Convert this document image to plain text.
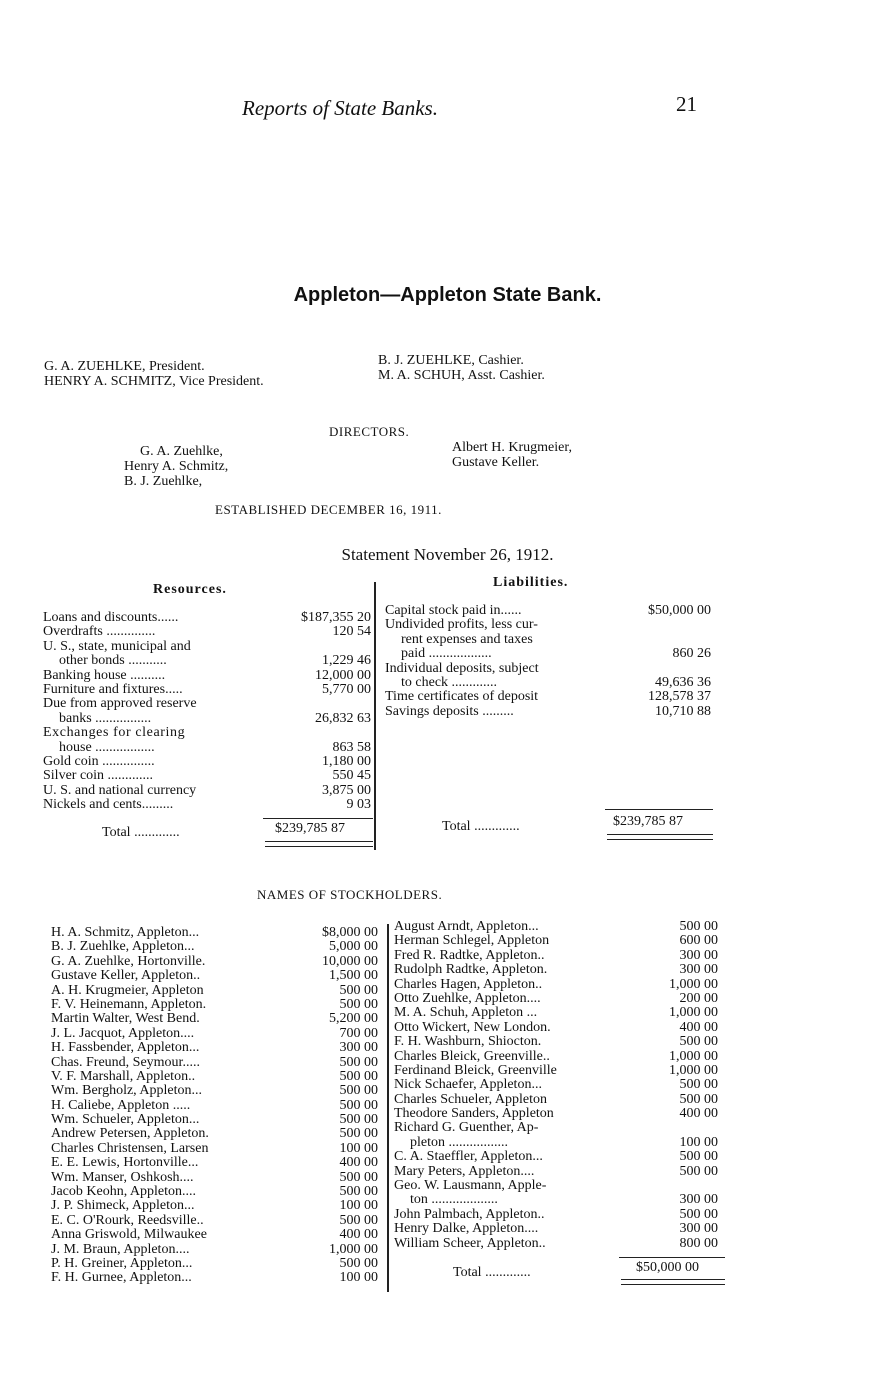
Reports of State Banks.	21
Appleton—Appleton State Bank.
G. A. ZUEHLKE, President.
HENRY A. SCHMITZ, Vice President.
B. J. ZUEHLKE, Cashier.
M. A. SCHUH, Asst. Cashier.
DIRECTORS.
G. A. Zuehlke,
Henry A. Schmitz,
B. J. Zuehlke,
Albert H. Krugmeier,
Gustave Keller.
ESTABLISHED DECEMBER 16, 1911.
Statement November 26, 1912.
Resources.	Liabilities.
Loans and discounts......	$187,355 20
Overdrafts ..............	120 54
U. S., state, municipal and
other bonds ...........	1,229 46
Banking house ..........	12,000 00
Furniture and fixtures.....	5,770 00
Due from approved reserve
banks ................	26,832 63
Exchanges for clearing
house .................	863 58
Gold coin ...............	1,180 00
Silver coin .............	550 45
U. S. and national currency	3,875 00
Nickels and cents.........	9 03
Total .............	$239,785 87
Capital stock paid in......	$50,000 00
Undivided profits, less cur-
rent expenses and taxes
paid ..................	860 26
Individual deposits, subject
to check .............	49,636 36
Time certificates of deposit	128,578 37
Savings deposits .........	10,710 88
Total .............	$239,785 87
NAMES OF STOCKHOLDERS.
H. A. Schmitz, Appleton...	$8,000 00
B. J. Zuehlke, Appleton...	5,000 00
G. A. Zuehlke, Hortonville.	10,000 00
Gustave Keller, Appleton..	1,500 00
A. H. Krugmeier, Appleton	500 00
F. V. Heinemann, Appleton.	500 00
Martin Walter, West Bend.	5,200 00
J. L. Jacquot, Appleton....	700 00
H. Fassbender, Appleton...	300 00
Chas. Freund, Seymour.....	500 00
V. F. Marshall, Appleton..	500 00
Wm. Bergholz, Appleton...	500 00
H. Caliebe, Appleton .....	500 00
Wm. Schueler, Appleton...	500 00
Andrew Petersen, Appleton.	500 00
Charles Christensen, Larsen	100 00
E. E. Lewis, Hortonville...	400 00
Wm. Manser, Oshkosh....	500 00
Jacob Keohn, Appleton....	500 00
J. P. Shimeck, Appleton...	100 00
E. C. O'Rourk, Reedsville..	500 00
Anna Griswold, Milwaukee	400 00
J. M. Braun, Appleton....	1,000 00
P. H. Greiner, Appleton...	500 00
F. H. Gurnee, Appleton...	100 00
August Arndt, Appleton...	500 00
Herman Schlegel, Appleton	600 00
Fred R. Radtke, Appleton..	300 00
Rudolph Radtke, Appleton.	300 00
Charles Hagen, Appleton..	1,000 00
Otto Zuehlke, Appleton....	200 00
M. A. Schuh, Appleton ...	1,000 00
Otto Wickert, New London.	400 00
F. H. Washburn, Shiocton.	500 00
Charles Bleick, Greenville..	1,000 00
Ferdinand Bleick, Greenville	1,000 00
Nick Schaefer, Appleton...	500 00
Charles Schueler, Appleton	500 00
Theodore Sanders, Appleton	400 00
Richard G. Guenther, Ap-
pleton .................	100 00
C. A. Staeffler, Appleton...	500 00
Mary Peters, Appleton....	500 00
Geo. W. Lausmann, Apple-
ton ...................	300 00
John Palmbach, Appleton..	500 00
Henry Dalke, Appleton....	300 00
William Scheer, Appleton..	800 00
Total .............	$50,000 00
